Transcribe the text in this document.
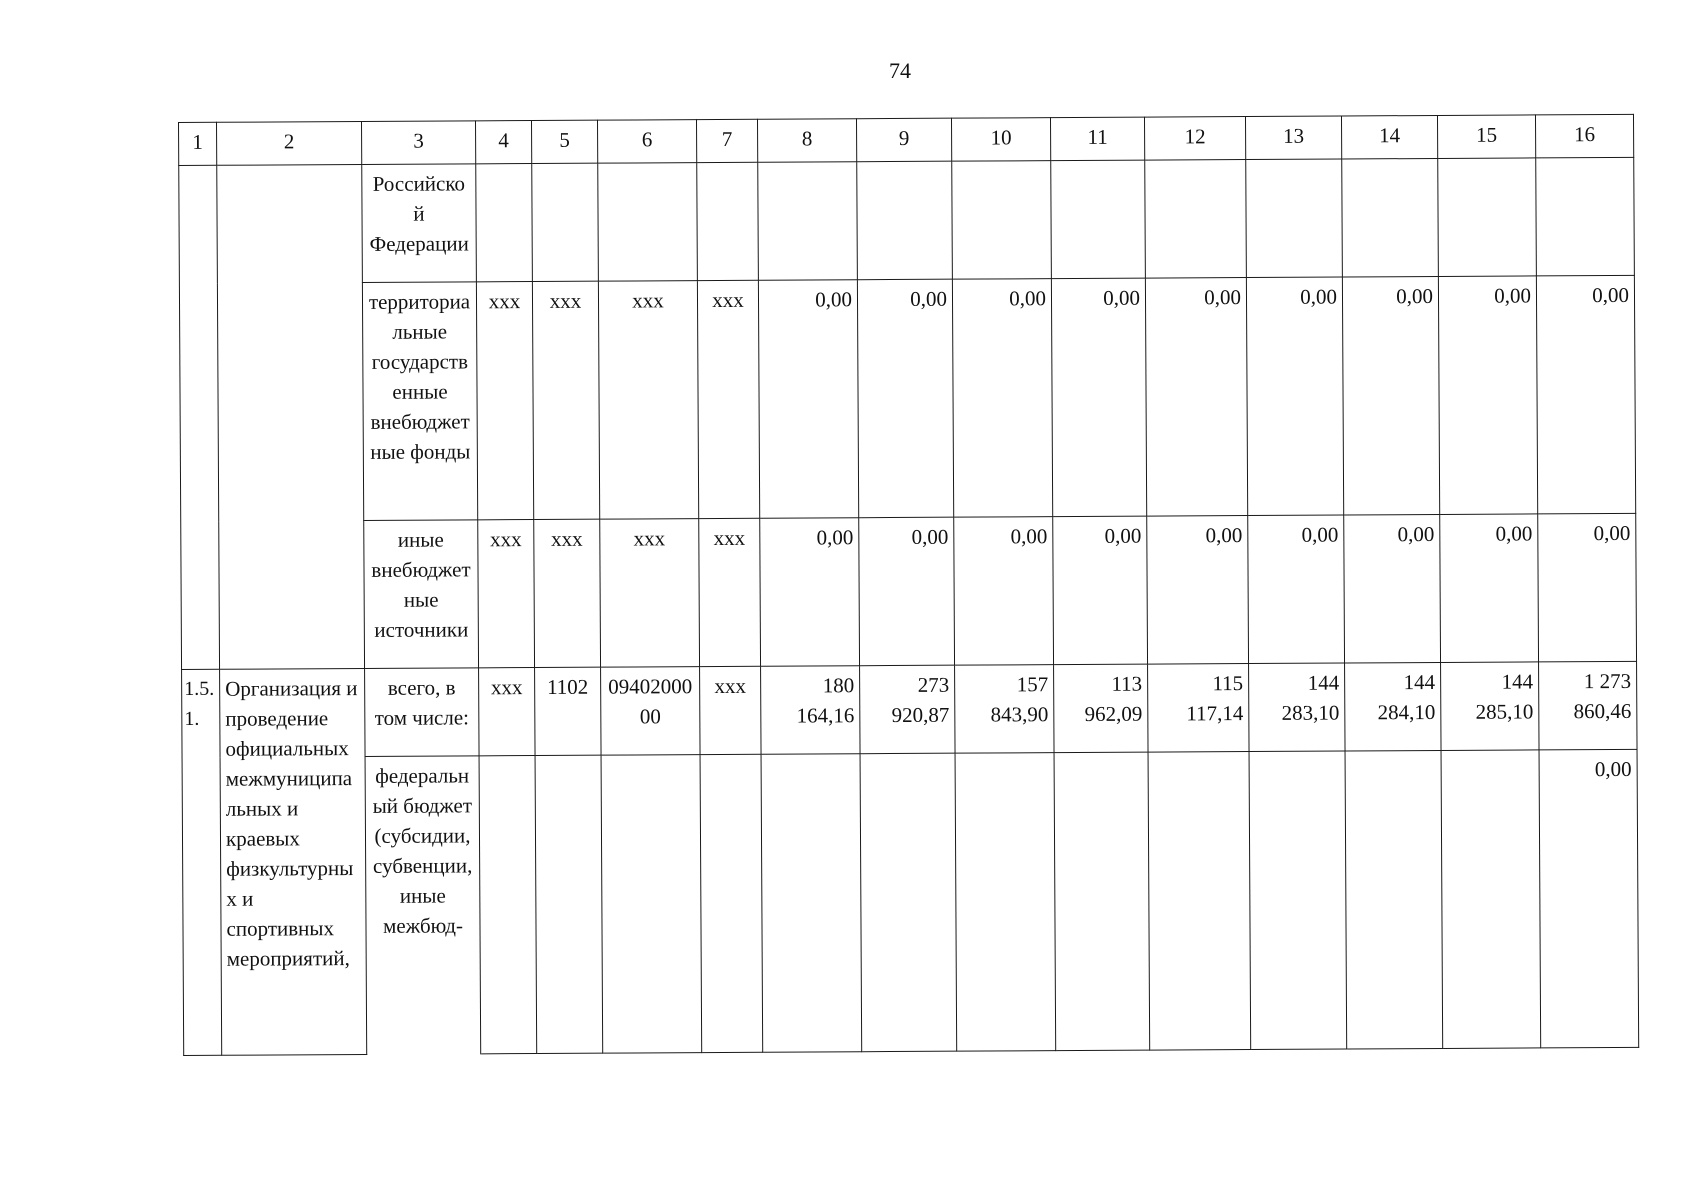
74
1	2	3	4	5	6	7	8	9	10	11	12	13	14	15	16
		Российской Федерации													
		территориальные государственные внебюджетные фонды	ххх	ххх	ххх	ххх	0,00	0,00	0,00	0,00	0,00	0,00	0,00	0,00	0,00
		иные внебюджетные источники	ххх	ххх	ххх	ххх	0,00	0,00	0,00	0,00	0,00	0,00	0,00	0,00	0,00
1.5.1.	Организация и проведение официальных межмуниципальных и краевых физкультурных и спортивных мероприятий,	всего, в том числе:	ххх	1102	0940200000	ххх	180 164,16	273 920,87	157 843,90	113 962,09	115 117,14	144 283,10	144 284,10	144 285,10	1 273 860,46
		федеральный бюджет (субсидии, субвенции, иные межбюд-													0,00
